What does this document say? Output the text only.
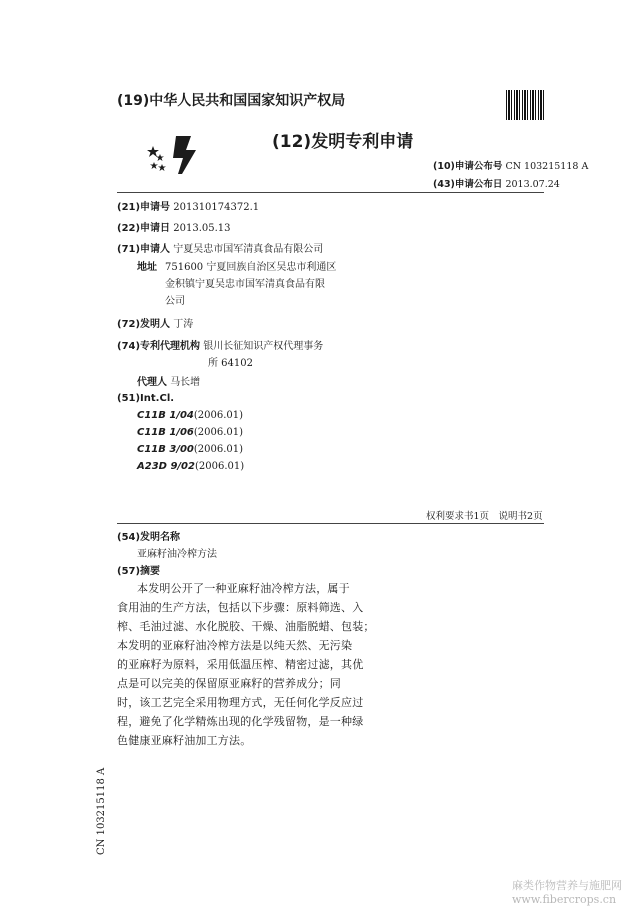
(19)中华人民共和国国家知识产权局
(12)发明专利申请
(10)申请公布号 CN 103215118 A
(43)申请公布日 2013.07.24
(21)申请号 201310174372.1
(22)申请日 2013.05.13
(71)申请人 宁夏吴忠市国军清真食品有限公司
地址 751600 宁夏回族自治区吴忠市利通区
金积镇宁夏吴忠市国军清真食品有限
公司
(72)发明人 丁涛
(74)专利代理机构 银川长征知识产权代理事务
所 64102
代理人 马长增
(51)Int.Cl.
C11B 1/04(2006.01)
C11B 1/06(2006.01)
C11B 3/00(2006.01)
A23D 9/02(2006.01)
权利要求书1页　说明书2页
(54)发明名称
亚麻籽油冷榨方法
(57)摘要
本发明公开了一种亚麻籽油冷榨方法，属于
食用油的生产方法，包括以下步骤：原料筛选、入
榨、毛油过滤、水化脱胶、干燥、油脂脱蜡、包装；
本发明的亚麻籽油冷榨方法是以纯天然、无污染
的亚麻籽为原料，采用低温压榨、精密过滤，其优
点是可以完美的保留原亚麻籽的营养成分；同
时，该工艺完全采用物理方式，无任何化学反应过
程，避免了化学精炼出现的化学残留物，是一种绿
色健康亚麻籽油加工方法。
CN 103215118 A
麻类作物营养与施肥网 www.fibercrops.cn
